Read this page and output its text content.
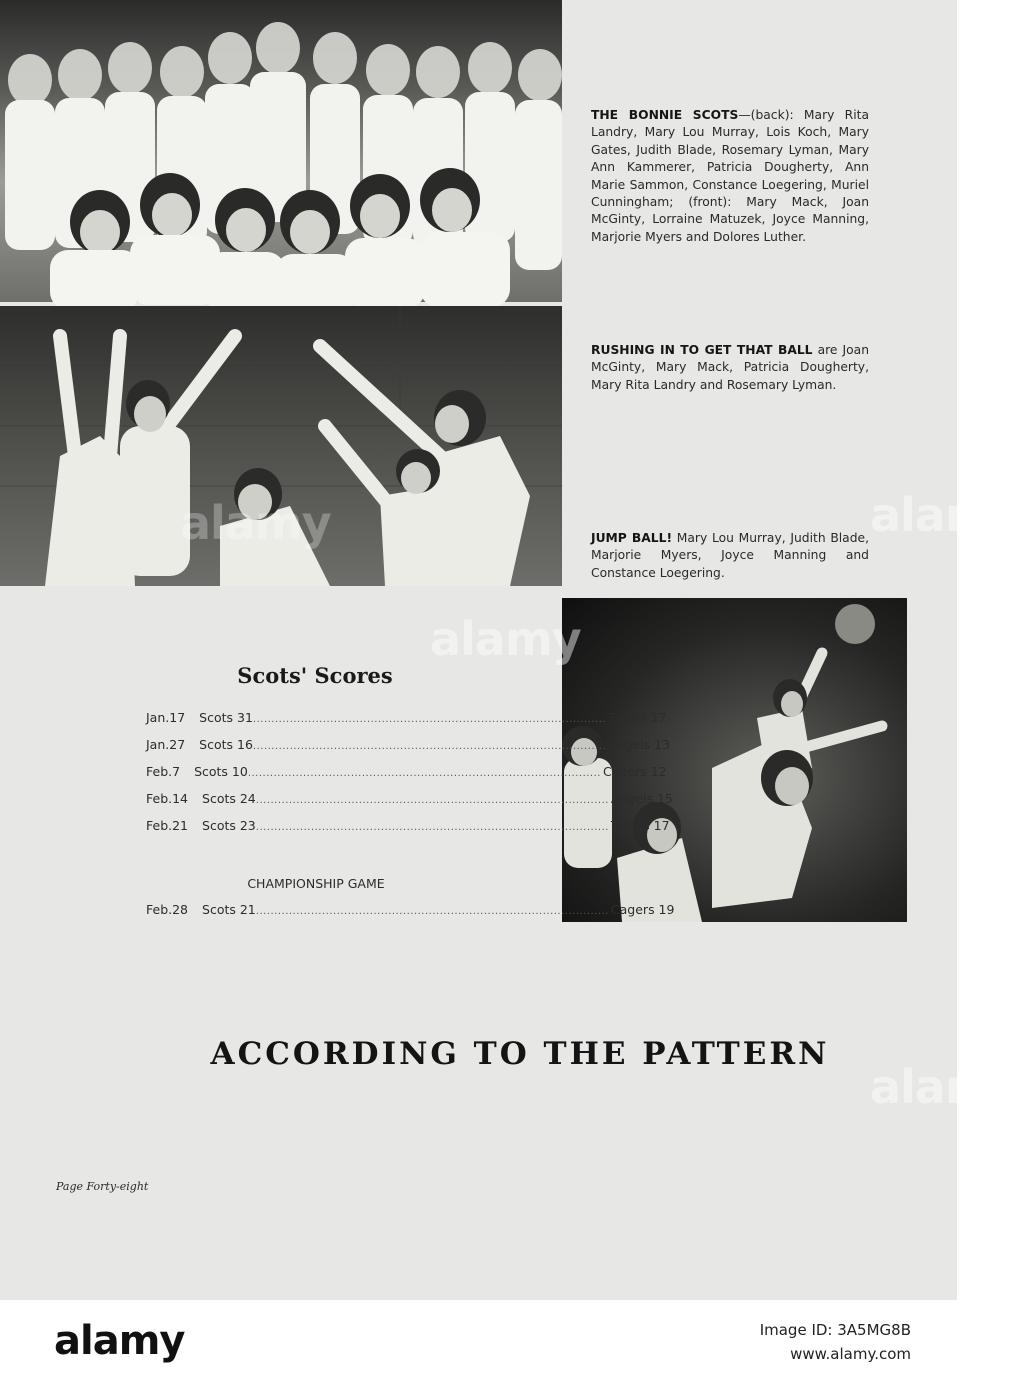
alamy

THE BONNIE SCOTS—(back): Mary Rita Landry, Mary Lou Murray, Lois Koch, Mary Gates, Judith Blade, Rosemary Lyman, Mary Ann Kammerer, Patricia Dougherty, Ann Marie Sammon, Constance Loegering, Muriel Cunningham; (front): Mary Mack, Joan McGinty, Lorraine Matuzek, Joyce Manning, Marjorie Myers and Dolores Luther.

RUSHING IN TO GET THAT BALL are Joan McGinty, Mary Mack, Patricia Dougherty, Mary Rita Landry and Rosemary Lyman.

JUMP BALL! Mary Lou Murray, Judith Blade, Marjorie Myers, Joyce Manning and Constance Loegering.

alamy
alamy
Scots' Scores
Jan. 17 Scots 31 .....	Tonies 17
Jan. 27 Scots 16 .....	Angels 13
Feb. 7 Scots 10 .....	Cagers 12
Feb. 14 Scots 24 .....	Angels 15
Feb. 21 Scots 23 .....	Tonies 17
CHAMPIONSHIP GAME
Feb. 28 Scots 21 .....	Cagers 19
ACCORDING TO THE PATTERN
Page Forty-eight
alamy
alamy	Image ID: 3A5MG8B
www.alamy.com
